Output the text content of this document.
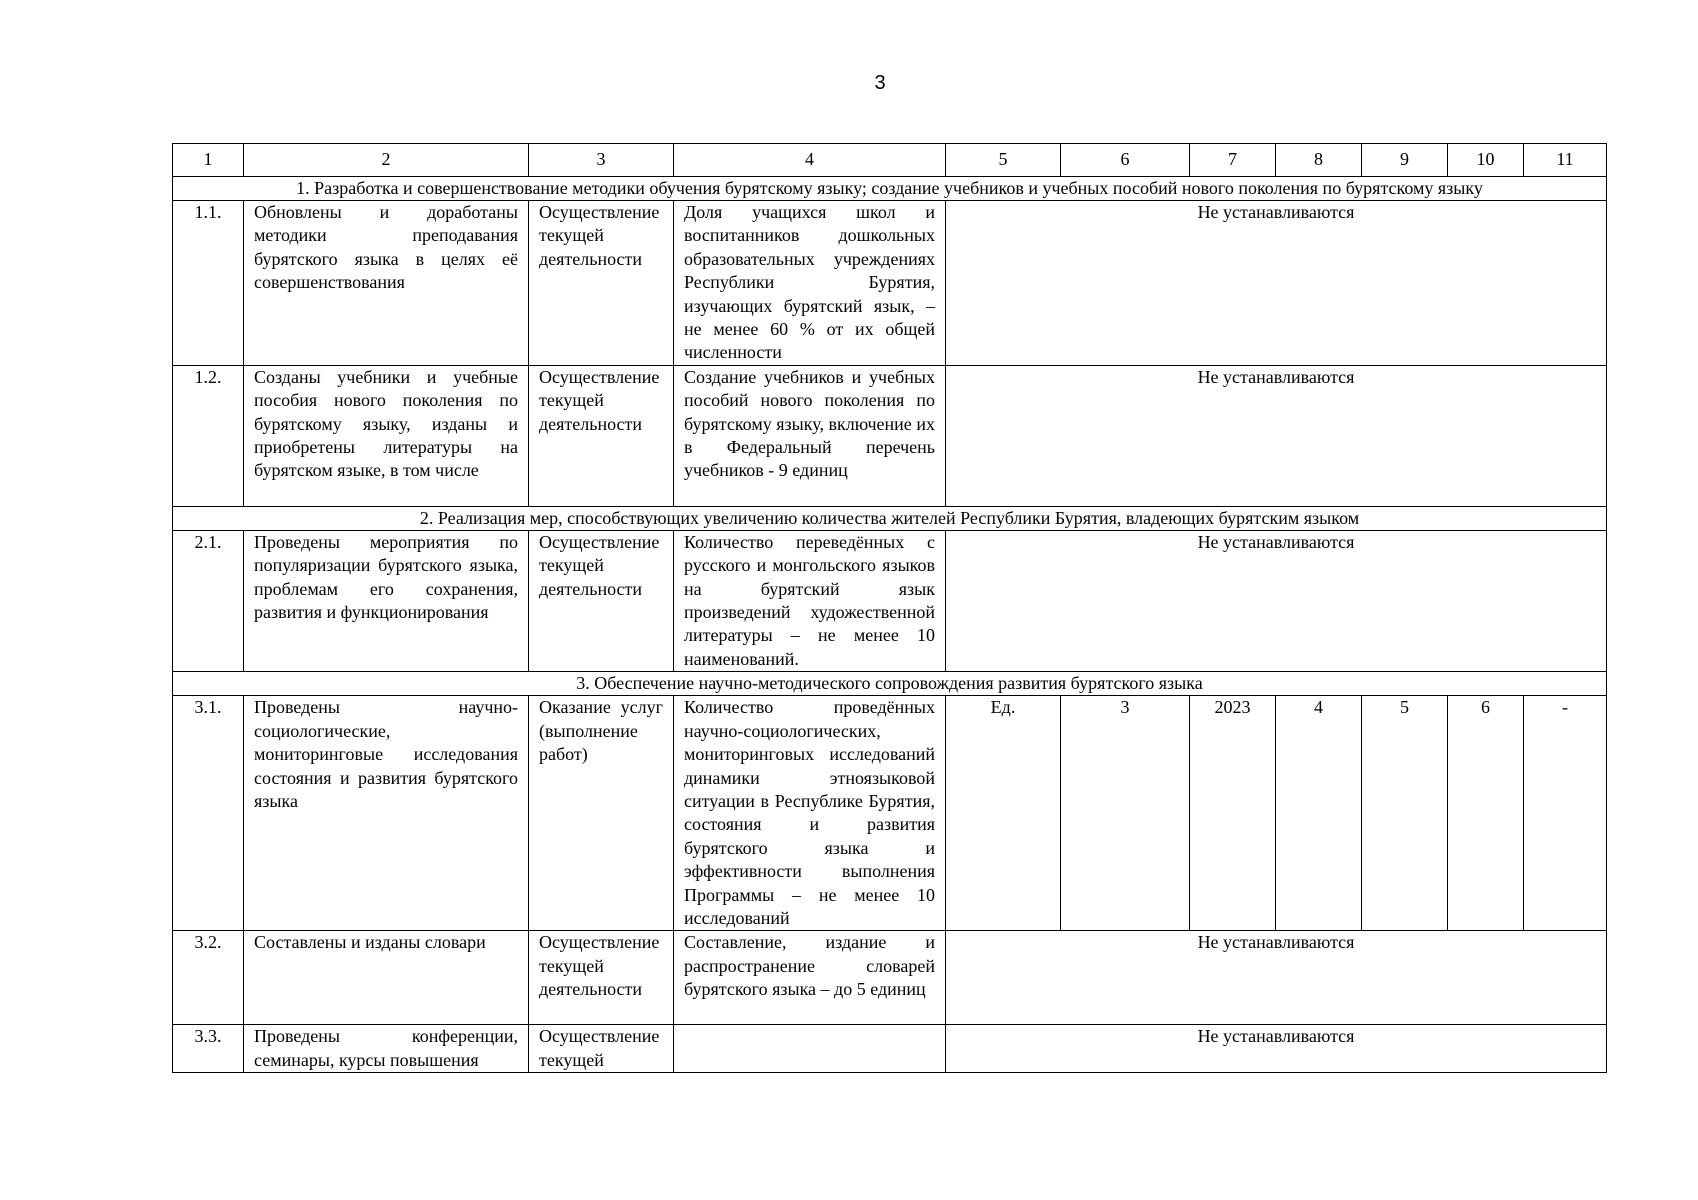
3
1	2	3	4	5	6	7	8	9	10	11
1. Разработка и совершенствование методики обучения бурятскому языку; создание учебников и учебных пособий нового поколения по бурятскому языку										
1.1.	Обновлены и доработаны методики преподавания бурятского языка в целях её совершенствования	Осуществление текущей деятельности	Доля учащихся школ и воспитанников дошкольных образовательных учреждениях Республики Бурятия, изучающих бурятский язык, – не менее 60 % от их общей численности	Не устанавливаются						
1.2.	Созданы учебники и учебные пособия нового поколения по бурятскому языку, изданы и приобретены литературы на бурятском языке, в том числе	Осуществление текущей деятельности	Создание учебников и учебных пособий нового поколения по бурятскому языку, включение их в Федеральный перечень учебников - 9 единиц	Не устанавливаются						
2. Реализация мер, способствующих увеличению количества жителей Республики Бурятия, владеющих бурятским языком										
2.1.	Проведены мероприятия по популяризации бурятского языка, проблемам его сохранения, развития и функционирования	Осуществление текущей деятельности	Количество переведённых с русского и монгольского языков на бурятский язык произведений художественной литературы – не менее 10 наименований.	Не устанавливаются						
3. Обеспечение научно-методического сопровождения развития бурятского языка										
3.1.	Проведены научно-социологические, мониторинговые исследования состояния и развития бурятского языка	Оказание услуг (выполнение работ)	Количество проведённых научно-социологических, мониторинговых исследований динамики этноязыковой ситуации в Республике Бурятия, состояния и развития бурятского языка и эффективности выполнения Программы – не менее 10 исследований	Ед.	3	2023	4	5	6	-
3.2.	Составлены и изданы словари	Осуществление текущей деятельности	Составление, издание и распространение словарей бурятского языка – до 5 единиц	Не устанавливаются						
3.3.	Проведены конференции, семинары, курсы повышения	Осуществление текущей		Не устанавливаются						
